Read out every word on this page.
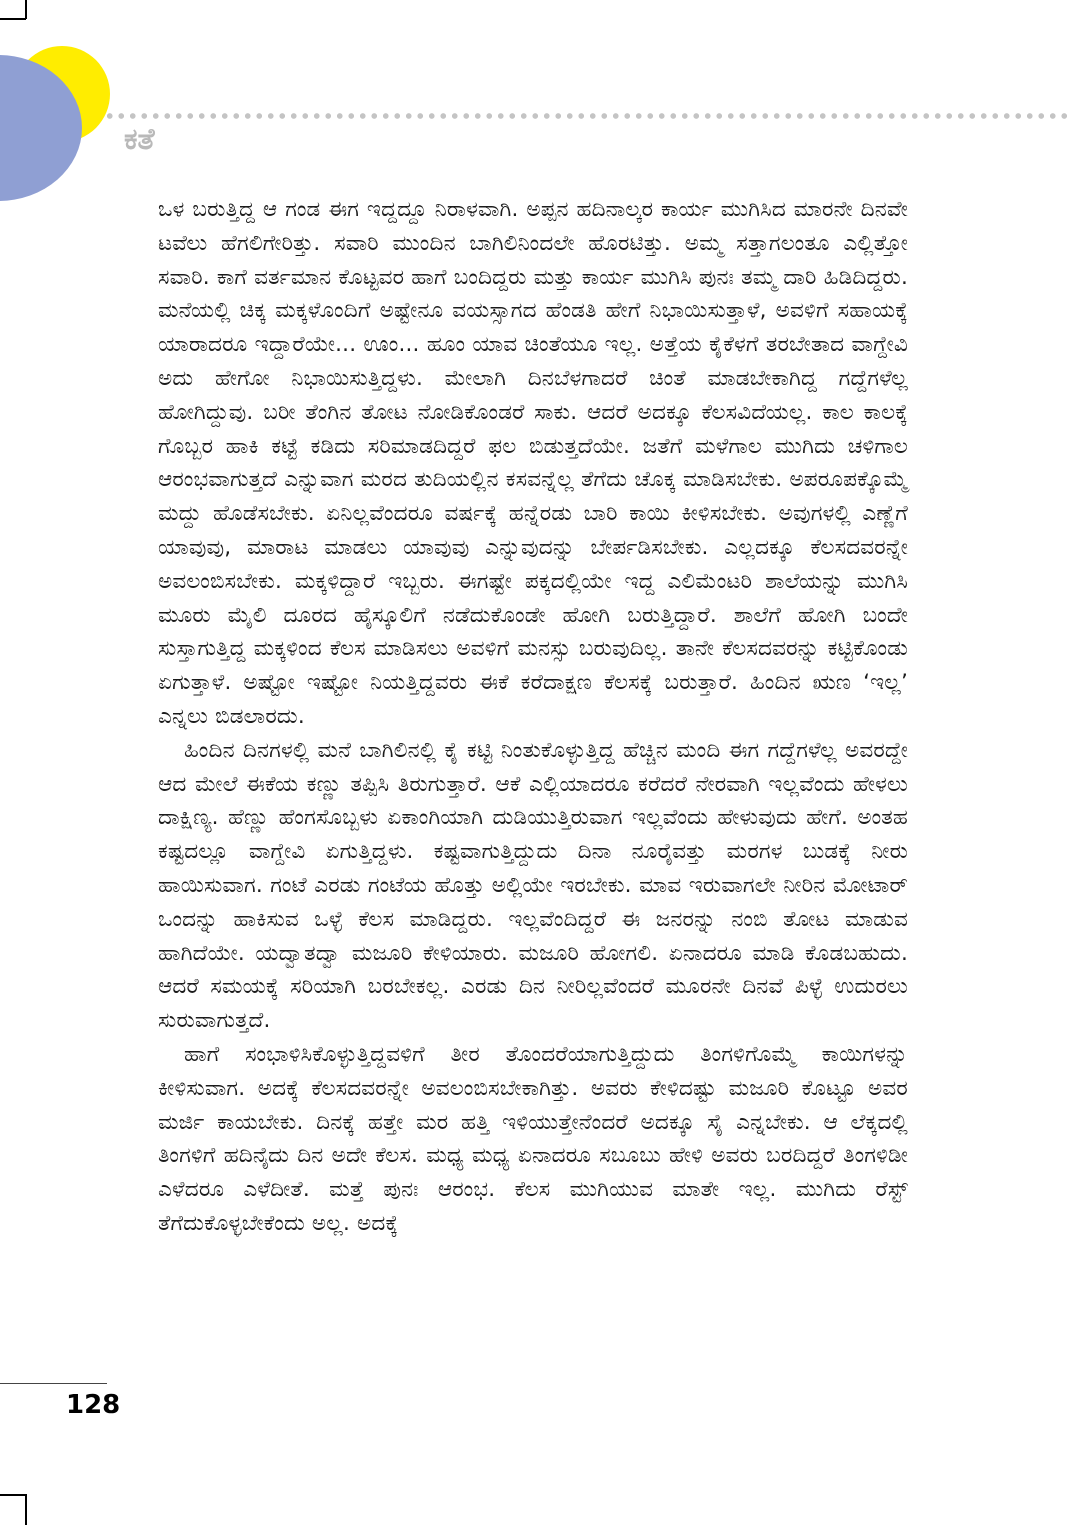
ಕತೆ

ಒಳ ಬರುತ್ತಿದ್ದ ಆ ಗಂಡ ಈಗ ಇದ್ದದ್ದೂ ನಿರಾಳವಾಗಿ. ಅಪ್ಪನ ಹದಿನಾಲ್ಕರ ಕಾರ್ಯ ಮುಗಿಸಿದ ಮಾರನೇ ದಿನವೇ ಟವೆಲು ಹೆಗಲಿಗೇರಿತ್ತು. ಸವಾರಿ ಮುಂದಿನ ಬಾಗಿಲಿನಿಂದಲೇ ಹೊರಟಿತ್ತು. ಅಮ್ಮ ಸತ್ತಾಗಲಂತೂ ಎಲ್ಲಿತ್ತೋ ಸವಾರಿ. ಕಾಗೆ ವರ್ತಮಾನ ಕೊಟ್ಟವರ ಹಾಗೆ ಬಂದಿದ್ದರು ಮತ್ತು ಕಾರ್ಯ ಮುಗಿಸಿ ಪುನಃ ತಮ್ಮ ದಾರಿ ಹಿಡಿದಿದ್ದರು. ಮನೆಯಲ್ಲಿ ಚಿಕ್ಕ ಮಕ್ಕಳೊಂದಿಗೆ ಅಷ್ಟೇನೂ ವಯಸ್ಸಾಗದ ಹೆಂಡತಿ ಹೇಗೆ ನಿಭಾಯಿಸುತ್ತಾಳೆ, ಅವಳಿಗೆ ಸಹಾಯಕ್ಕೆ ಯಾರಾದರೂ ಇದ್ದಾರೆಯೇ... ಊಂ... ಹೂಂ ಯಾವ ಚಿಂತೆಯೂ ಇಲ್ಲ. ಅತ್ತೆಯ ಕೈಕೆಳಗೆ ತರಬೇತಾದ ವಾಗ್ದೇವಿ ಅದು ಹೇಗೋ ನಿಭಾಯಿಸುತ್ತಿದ್ದಳು. ಮೇಲಾಗಿ ದಿನಬೆಳಗಾದರೆ ಚಿಂತೆ ಮಾಡಬೇಕಾಗಿದ್ದ ಗದ್ದೆಗಳೆಲ್ಲ ಹೋಗಿದ್ದುವು. ಬರೀ ತೆಂಗಿನ ತೋಟ ನೋಡಿಕೊಂಡರೆ ಸಾಕು. ಆದರೆ ಅದಕ್ಕೂ ಕೆಲಸವಿದೆಯಲ್ಲ. ಕಾಲ ಕಾಲಕ್ಕೆ ಗೊಬ್ಬರ ಹಾಕಿ ಕಟ್ಟೆ ಕಡಿದು ಸರಿಮಾಡದಿದ್ದರೆ ಫಲ ಬಿಡುತ್ತದೆಯೇ. ಜತೆಗೆ ಮಳೆಗಾಲ ಮುಗಿದು ಚಳಿಗಾಲ ಆರಂಭವಾಗುತ್ತದೆ ಎನ್ನುವಾಗ ಮರದ ತುದಿಯಲ್ಲಿನ ಕಸವನ್ನೆಲ್ಲ ತೆಗೆದು ಚೊಕ್ಕ ಮಾಡಿಸಬೇಕು. ಅಪರೂಪಕ್ಕೊಮ್ಮೆ ಮದ್ದು ಹೊಡೆಸಬೇಕು. ಏನಿಲ್ಲವೆಂದರೂ ವರ್ಷಕ್ಕೆ ಹನ್ನೆರಡು ಬಾರಿ ಕಾಯಿ ಕೀಳಿಸಬೇಕು. ಅವುಗಳಲ್ಲಿ ಎಣ್ಣೆಗೆ ಯಾವುವು, ಮಾರಾಟ ಮಾಡಲು ಯಾವುವು ಎನ್ನುವುದನ್ನು ಬೇರ್ಪಡಿಸಬೇಕು. ಎಲ್ಲದಕ್ಕೂ ಕೆಲಸದವರನ್ನೇ ಅವಲಂಬಿಸಬೇಕು. ಮಕ್ಕಳಿದ್ದಾರೆ ಇಬ್ಬರು. ಈಗಷ್ಟೇ ಪಕ್ಕದಲ್ಲಿಯೇ ಇದ್ದ ಎಲಿಮೆಂಟರಿ ಶಾಲೆಯನ್ನು ಮುಗಿಸಿ ಮೂರು ಮೈಲಿ ದೂರದ ಹೈಸ್ಕೂಲಿಗೆ ನಡೆದುಕೊಂಡೇ ಹೋಗಿ ಬರುತ್ತಿದ್ದಾರೆ. ಶಾಲೆಗೆ ಹೋಗಿ ಬಂದೇ ಸುಸ್ತಾಗುತ್ತಿದ್ದ ಮಕ್ಕಳಿಂದ ಕೆಲಸ ಮಾಡಿಸಲು ಅವಳಿಗೆ ಮನಸ್ಸು ಬರುವುದಿಲ್ಲ. ತಾನೇ ಕೆಲಸದವರನ್ನು ಕಟ್ಟಿಕೊಂಡು ಏಗುತ್ತಾಳೆ. ಅಷ್ಟೋ ಇಷ್ಟೋ ನಿಯತ್ತಿದ್ದವರು ಈಕೆ ಕರೆದಾಕ್ಷಣ ಕೆಲಸಕ್ಕೆ ಬರುತ್ತಾರೆ. ಹಿಂದಿನ ಋಣ ‘ಇಲ್ಲ’ ಎನ್ನಲು ಬಿಡಲಾರದು.

ಹಿಂದಿನ ದಿನಗಳಲ್ಲಿ ಮನೆ ಬಾಗಿಲಿನಲ್ಲಿ ಕೈ ಕಟ್ಟಿ ನಿಂತುಕೊಳ್ಳುತ್ತಿದ್ದ ಹೆಚ್ಚಿನ ಮಂದಿ ಈಗ ಗದ್ದೆಗಳೆಲ್ಲ ಅವರದ್ದೇ ಆದ ಮೇಲೆ ಈಕೆಯ ಕಣ್ಣು ತಪ್ಪಿಸಿ ತಿರುಗುತ್ತಾರೆ. ಆಕೆ ಎಲ್ಲಿಯಾದರೂ ಕರೆದರೆ ನೇರವಾಗಿ ಇಲ್ಲವೆಂದು ಹೇಳಲು ದಾಕ್ಷಿಣ್ಯ. ಹೆಣ್ಣು ಹೆಂಗಸೊಬ್ಬಳು ಏಕಾಂಗಿಯಾಗಿ ದುಡಿಯುತ್ತಿರುವಾಗ ಇಲ್ಲವೆಂದು ಹೇಳುವುದು ಹೇಗೆ. ಅಂತಹ ಕಷ್ಟದಲ್ಲೂ ವಾಗ್ದೇವಿ ಏಗುತ್ತಿದ್ದಳು. ಕಷ್ಟವಾಗುತ್ತಿದ್ದುದು ದಿನಾ ನೂರೈವತ್ತು ಮರಗಳ ಬುಡಕ್ಕೆ ನೀರು ಹಾಯಿಸುವಾಗ. ಗಂಟೆ ಎರಡು ಗಂಟೆಯ ಹೊತ್ತು ಅಲ್ಲಿಯೇ ಇರಬೇಕು. ಮಾವ ಇರುವಾಗಲೇ ನೀರಿನ ಮೋಟಾರ್ ಒಂದನ್ನು ಹಾಕಿಸುವ ಒಳ್ಳೆ ಕೆಲಸ ಮಾಡಿದ್ದರು. ಇಲ್ಲವೆಂದಿದ್ದರೆ ಈ ಜನರನ್ನು ನಂಬಿ ತೋಟ ಮಾಡುವ ಹಾಗಿದೆಯೇ. ಯದ್ವಾತದ್ವಾ ಮಜೂರಿ ಕೇಳಿಯಾರು. ಮಜೂರಿ ಹೋಗಲಿ. ಏನಾದರೂ ಮಾಡಿ ಕೊಡಬಹುದು. ಆದರೆ ಸಮಯಕ್ಕೆ ಸರಿಯಾಗಿ ಬರಬೇಕಲ್ಲ. ಎರಡು ದಿನ ನೀರಿಲ್ಲವೆಂದರೆ ಮೂರನೇ ದಿನವೆ ಪಿಳ್ಳೆ ಉದುರಲು ಸುರುವಾಗುತ್ತದೆ.

ಹಾಗೆ ಸಂಭಾಳಿಸಿಕೊಳ್ಳುತ್ತಿದ್ದವಳಿಗೆ ತೀರ ತೊಂದರೆಯಾಗುತ್ತಿದ್ದುದು ತಿಂಗಳಿಗೊಮ್ಮೆ ಕಾಯಿಗಳನ್ನು ಕೀಳಿಸುವಾಗ. ಅದಕ್ಕೆ ಕೆಲಸದವರನ್ನೇ ಅವಲಂಬಿಸಬೇಕಾಗಿತ್ತು. ಅವರು ಕೇಳಿದಷ್ಟು ಮಜೂರಿ ಕೊಟ್ಟೂ ಅವರ ಮರ್ಜಿ ಕಾಯಬೇಕು. ದಿನಕ್ಕೆ ಹತ್ತೇ ಮರ ಹತ್ತಿ ಇಳಿಯುತ್ತೇನೆಂದರೆ ಅದಕ್ಕೂ ಸೈ ಎನ್ನಬೇಕು. ಆ ಲೆಕ್ಕದಲ್ಲಿ ತಿಂಗಳಿಗೆ ಹದಿನೈದು ದಿನ ಅದೇ ಕೆಲಸ. ಮಧ್ಯ ಮಧ್ಯ ಏನಾದರೂ ಸಬೂಬು ಹೇಳಿ ಅವರು ಬರದಿದ್ದರೆ ತಿಂಗಳಿಡೀ ಎಳೆದರೂ ಎಳೆದೀತೆ. ಮತ್ತೆ ಪುನಃ ಆರಂಭ. ಕೆಲಸ ಮುಗಿಯುವ ಮಾತೇ ಇಲ್ಲ. ಮುಗಿದು ರೆಸ್ಟ್ ತೆಗೆದುಕೊಳ್ಳಬೇಕೆಂದು ಅಲ್ಲ. ಅದಕ್ಕೆ

128
